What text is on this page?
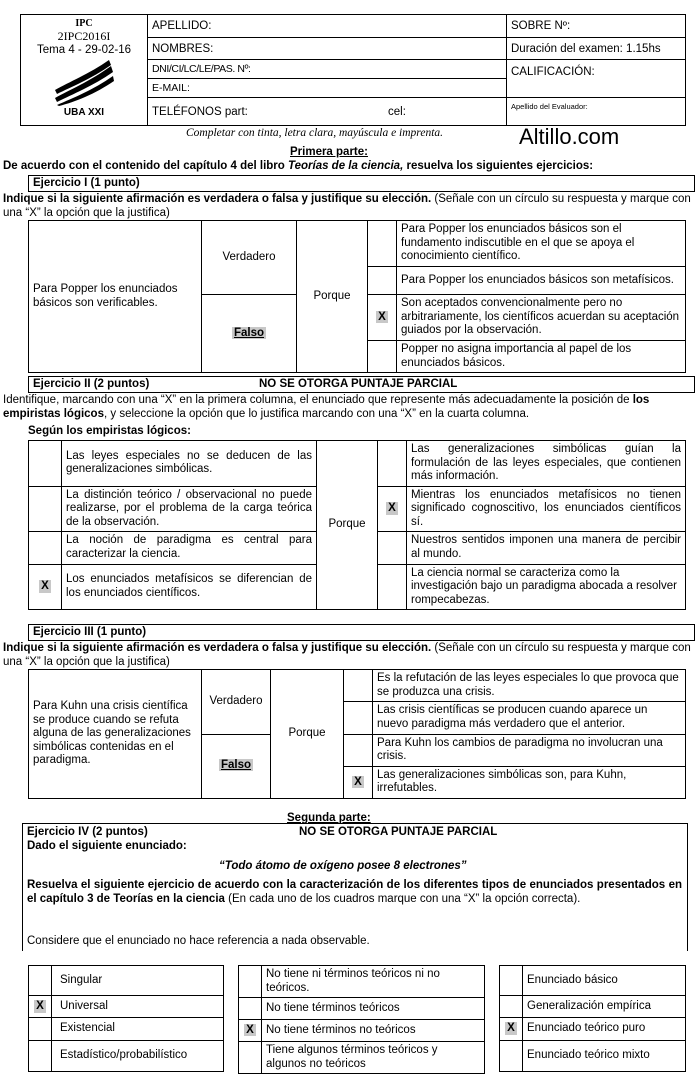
IPC
2IPC2016I
Tema 4 - 29-02-16
UBA XXI
APELLIDO:
NOMBRES:
DNI/CI/LC/LE/PAS. Nº:
E-MAIL:
TELÉFONOS part:	cel:
SOBRE Nº:
Duración del examen: 1.15hs
CALIFICACIÓN:
Apellido del Evaluador:
Completar con tinta, letra clara, mayúscula e imprenta.	Altillo.com
Primera parte:
De acuerdo con el contenido del capítulo 4 del libro Teorías de la ciencia, resuelva los siguientes ejercicios:
Ejercicio I (1 punto)
Indique si la siguiente afirmación es verdadera o falsa y justifique su elección. (Señale con un círculo su respuesta y marque con una “X” la opción que la justifica)
Para Popper los enunciados básicos son verificables.	Verdadero	Porque		Para Popper los enunciados básicos son el fundamento indiscutible en el que se apoya el conocimiento científico.
				Para Popper los enunciados básicos son metafísicos.
	Falso		X	Son aceptados convencionalmente pero no arbitrariamente, los científicos acuerdan su aceptación guiados por la observación.
				Popper no asigna importancia al papel de los enunciados básicos.
Ejercicio II (2 puntos)	NO SE OTORGA PUNTAJE PARCIAL
Identifique, marcando con una “X” en la primera columna, el enunciado que represente más adecuadamente la posición de los empiristas lógicos, y seleccione la opción que lo justifica marcando con una “X” en la cuarta columna.
Según los empiristas lógicos:
	Las leyes especiales no se deducen de las generalizaciones simbólicas.	Porque		Las generalizaciones simbólicas guían la formulación de las leyes especiales, que contienen más información.
	La distinción teórico / observacional no puede realizarse, por el problema de la carga teórica de la observación.		X	Mientras los enunciados metafísicos no tienen significado cognoscitivo, los enunciados científicos sí.
	La noción de paradigma es central para caracterizar la ciencia.			Nuestros sentidos imponen una manera de percibir al mundo.
X	Los enunciados metafísicos se diferencian de los enunciados científicos.			La ciencia normal se caracteriza como la investigación bajo un paradigma abocada a resolver rompecabezas.
Ejercicio III (1 punto)
Indique si la siguiente afirmación es verdadera o falsa y justifique su elección. (Señale con un círculo su respuesta y marque con una “X” la opción que la justifica)
Para Kuhn una crisis científica se produce cuando se refuta alguna de las generalizaciones simbólicas contenidas en el paradigma.	Verdadero	Porque		Es la refutación de las leyes especiales lo que provoca que se produzca una crisis.
				Las crisis científicas se producen cuando aparece un nuevo paradigma más verdadero que el anterior.
	Falso			Para Kuhn los cambios de paradigma no involucran una crisis.
			X	Las generalizaciones simbólicas son, para Kuhn, irrefutables.
Segunda parte:
Ejercicio IV (2 puntos)	NO SE OTORGA PUNTAJE PARCIAL
Dado el siguiente enunciado:
“Todo átomo de oxígeno posee 8 electrones”
Resuelva el siguiente ejercicio de acuerdo con la caracterización de los diferentes tipos de enunciados presentados en el capítulo 3 de Teorías en la ciencia (En cada uno de los cuadros marque con una “X” la opción correcta).
Considere que el enunciado no hace referencia a nada observable.
	Singular
X	Universal
	Existencial
	Estadístico/probabilístico
	No tiene ni términos teóricos ni no teóricos.
	No tiene términos teóricos
X	No tiene términos no teóricos
	Tiene algunos términos teóricos y algunos no teóricos
	Enunciado básico
	Generalización empírica
X	Enunciado teórico puro
	Enunciado teórico mixto
